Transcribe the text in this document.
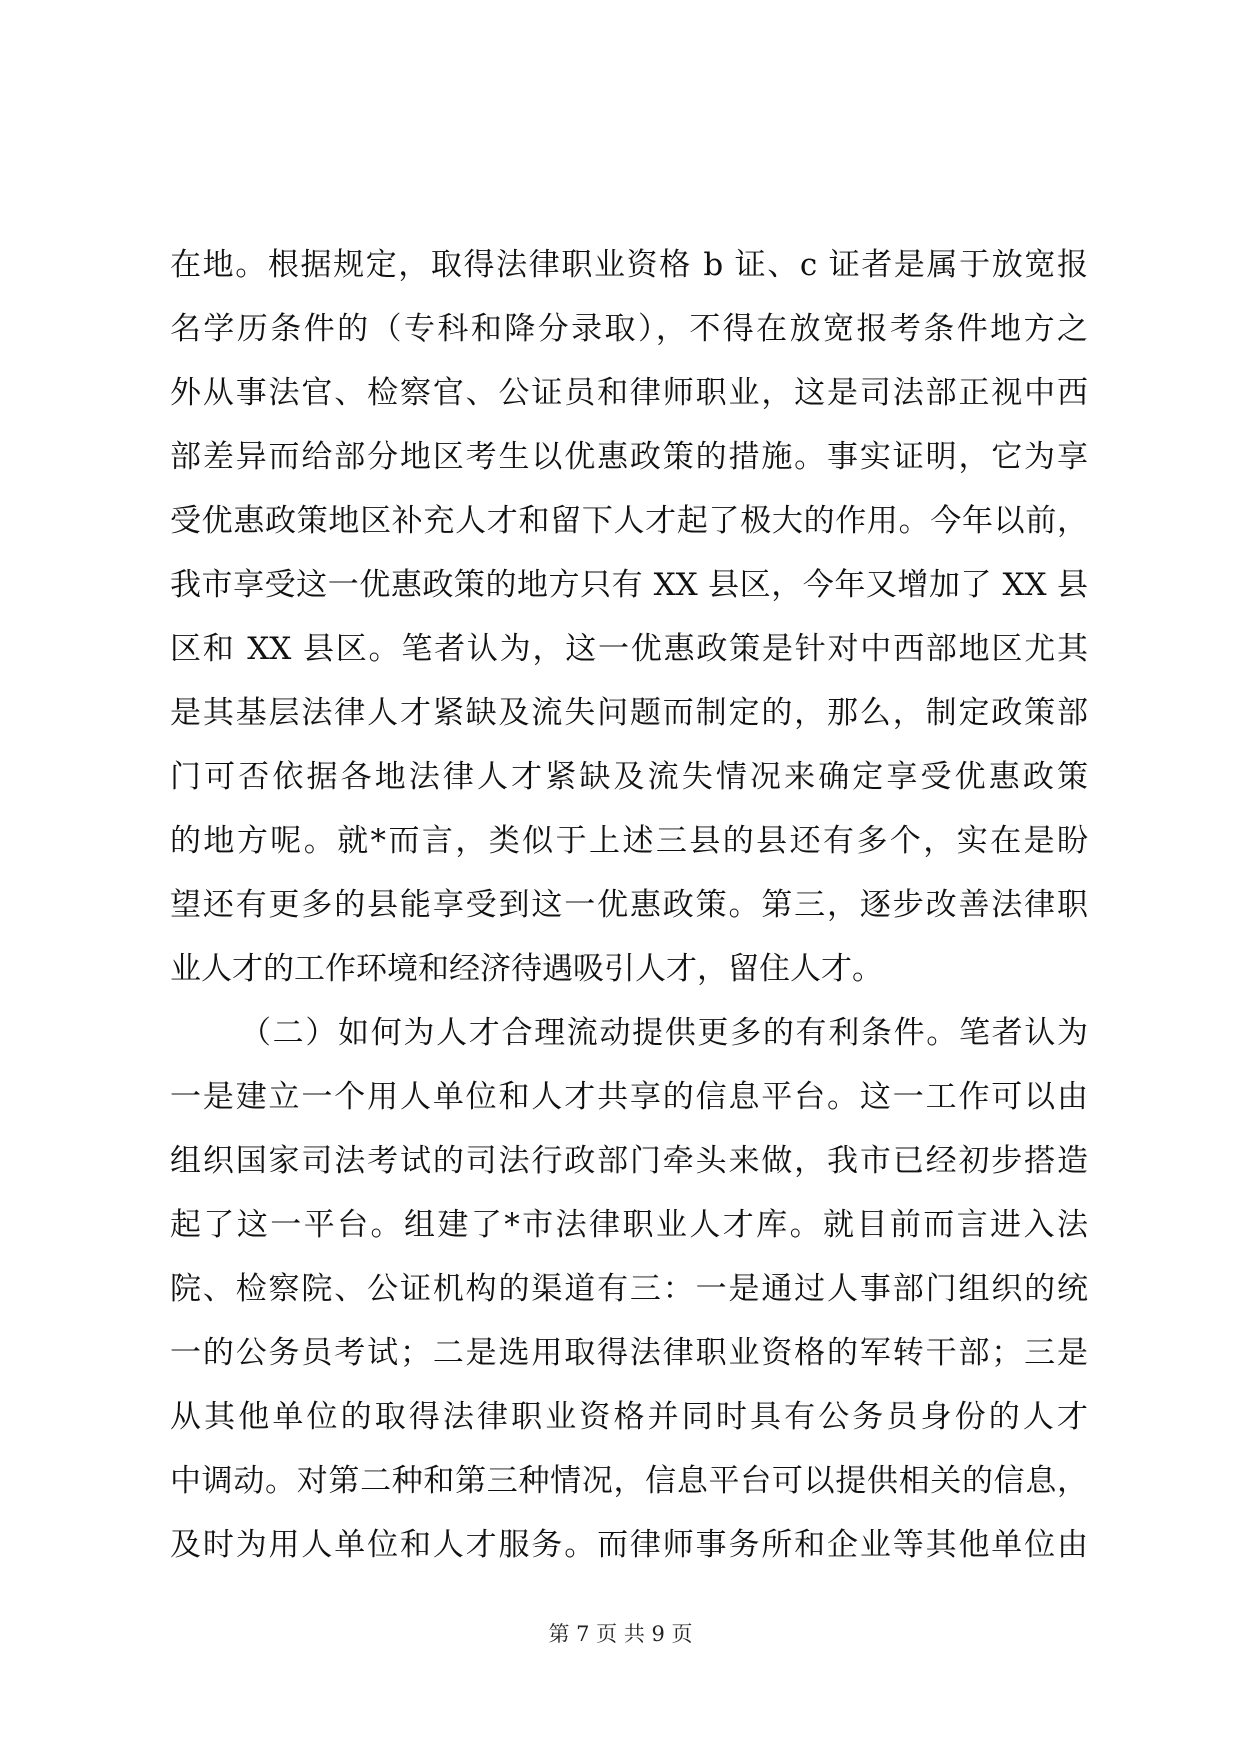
在地。根据规定，取得法律职业资格 b 证、c 证者是属于放宽报
名学历条件的（专科和降分录取），不得在放宽报考条件地方之
外从事法官、检察官、公证员和律师职业，这是司法部正视中西
部差异而给部分地区考生以优惠政策的措施。事实证明，它为享
受优惠政策地区补充人才和留下人才起了极大的作用。今年以前，
我市享受这一优惠政策的地方只有 XX 县区，今年又增加了 XX 县
区和 XX 县区。笔者认为，这一优惠政策是针对中西部地区尤其
是其基层法律人才紧缺及流失问题而制定的，那么，制定政策部
门可否依据各地法律人才紧缺及流失情况来确定享受优惠政策
的地方呢。就*而言，类似于上述三县的县还有多个，实在是盼
望还有更多的县能享受到这一优惠政策。第三，逐步改善法律职
业人才的工作环境和经济待遇吸引人才，留住人才。
（二）如何为人才合理流动提供更多的有利条件。笔者认为
一是建立一个用人单位和人才共享的信息平台。这一工作可以由
组织国家司法考试的司法行政部门牵头来做，我市已经初步搭造
起了这一平台。组建了*市法律职业人才库。就目前而言进入法
院、检察院、公证机构的渠道有三：一是通过人事部门组织的统
一的公务员考试；二是选用取得法律职业资格的军转干部；三是
从其他单位的取得法律职业资格并同时具有公务员身份的人才
中调动。对第二种和第三种情况，信息平台可以提供相关的信息，
及时为用人单位和人才服务。而律师事务所和企业等其他单位由
第 7 页 共 9 页
